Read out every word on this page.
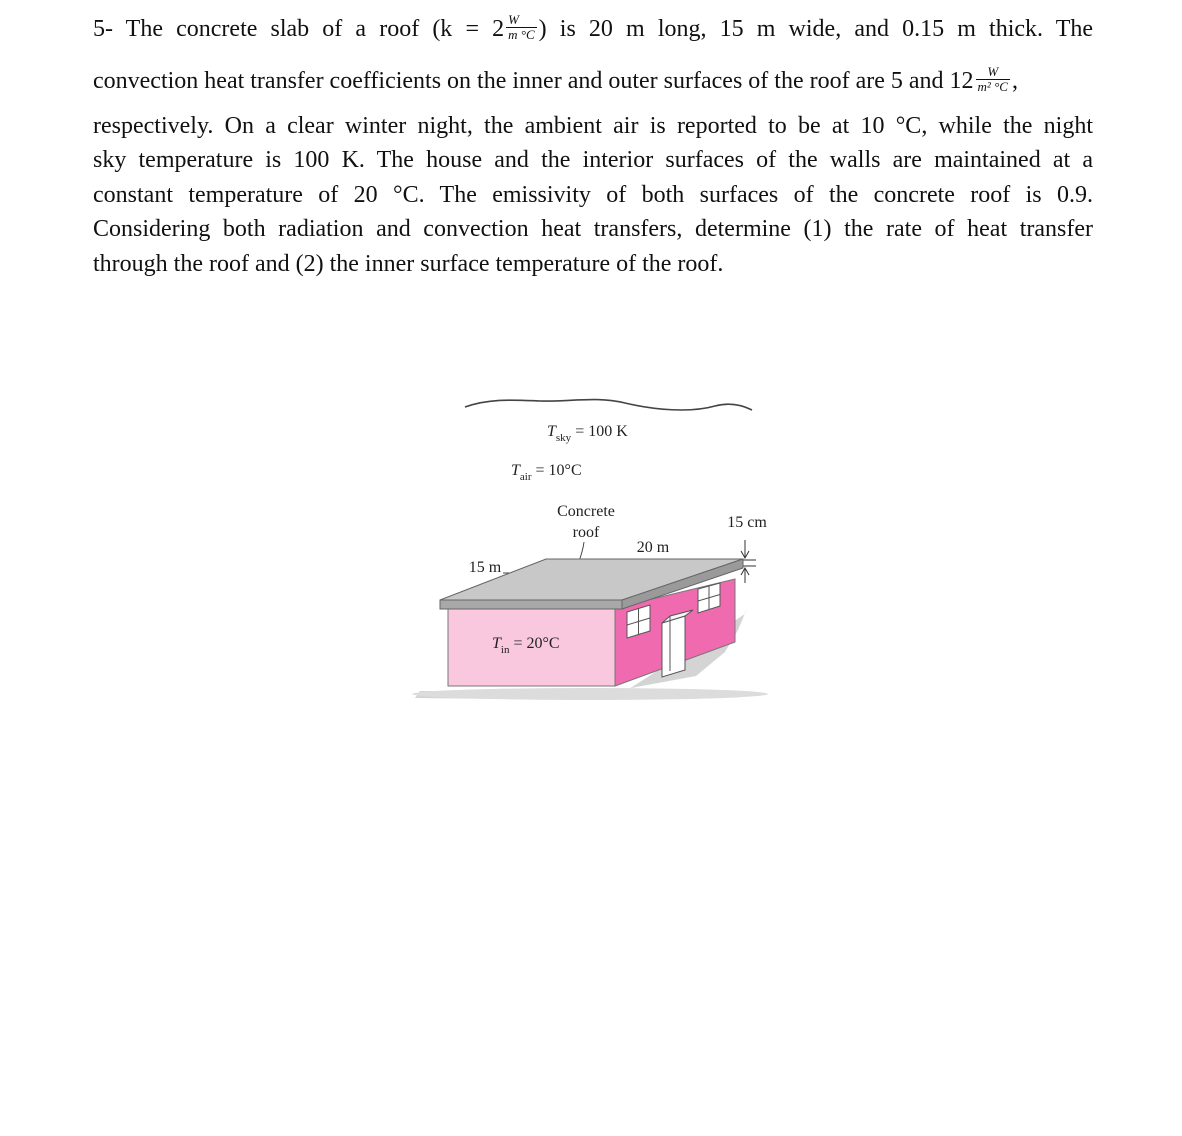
5- The concrete slab of a roof ($k = 2 \frac{W}{m ^\circ C}$ ) is 20 m long, 15 m wide, and 0.15 m thick. The
convection heat transfer coefficients on the inner and outer surfaces of the roof are 5 and $12 \frac{W}{\text{m² °C}}$ ,
respectively. On a clear winter night, the ambient air is reported to be at 10 °C, while the night
sky temperature is 100 K. The house and the interior surfaces of the walls are maintained at a
constant temperature of 20 °C. The emissivity of both surfaces of the concrete roof is 0.9.
Considering both radiation and convection heat transfers, determine (1) the rate of heat transfer
through the roof and (2) the inner surface temperature of the roof.
$T_{sky} = 100$ K
$T_{air} = 10^\circ C$
Concrete
roof
15 cm
20 m
15 m
$T_{in} = 20^\circ C$
